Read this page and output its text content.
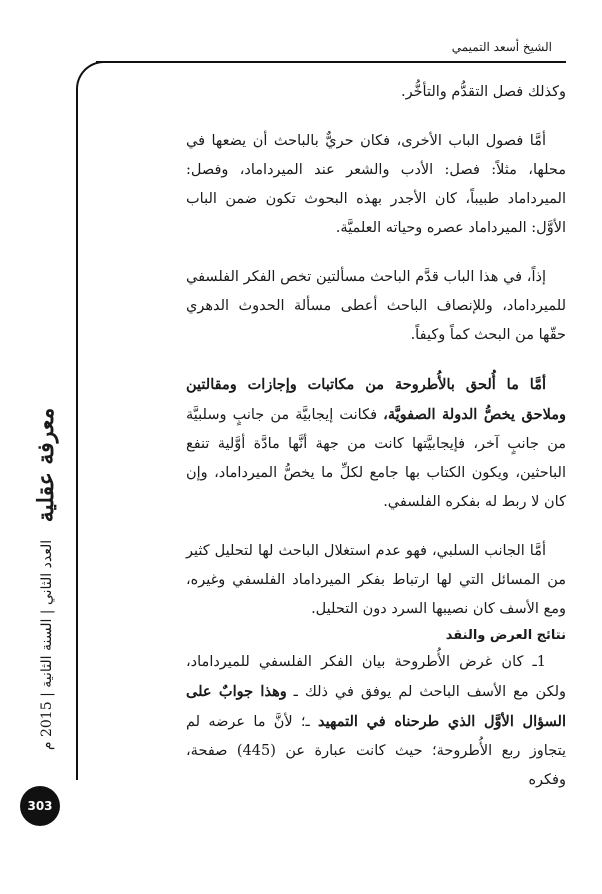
الشيخ أسعد التميمي
معرفة عقلية
العدد الثاني | السنة الثانية | 2015 م
303

وكذلك فصل التقدُّم والتأخُّر.

أمَّا فصول الباب الأخرى، فكان حريٌّ بالباحث أن يضعها في محلها، مثلاً: فصل: الأدب والشعر عند الميرداماد، وفصل: الميرداماد طبيباً، كان الأجدر بهذه البحوث تكون ضمن الباب الأوَّل: الميرداماد عصره وحياته العلميَّة.

إذاً، في هذا الباب قدَّم الباحث مسألتين تخص الفكر الفلسفي للميرداماد، وللإنصاف الباحث أعطى مسألة الحدوث الدهري حقّها من البحث كماً وكيفاً.

أمَّا ما أُلحق بالأُطروحة من مكاتبات وإجازات ومقالتين وملاحق يخصُّ الدولة الصفويَّة، فكانت إيجابيَّة من جانبٍ وسلبيَّة من جانبٍ آخر، فإيجابيَّتها كانت من جهة أنَّها مادَّة أوَّلية تنفع الباحثين، ويكون الكتاب بها جامع لكلِّ ما يخصُّ الميرداماد، وإن كان لا ربط له بفكره الفلسفي.

أمَّا الجانب السلبي، فهو عدم استغلال الباحث لها لتحليل كثير من المسائل التي لها ارتباط بفكر الميرداماد الفلسفي وغيره، ومع الأسف كان نصيبها السرد دون التحليل.

نتائج العرض والنقد

1ـ كان غرض الأُطروحة بيان الفكر الفلسفي للميرداماد، ولكن مع الأسف الباحث لم يوفق في ذلك ـ وهذا جوابٌ على السؤال الأوَّل الذي طرحناه في التمهيد ـ؛ لأنَّ ما عرضه لم يتجاوز ربع الأُطروحة؛ حيث كانت عبارة عن (445) صفحة، وفكره
